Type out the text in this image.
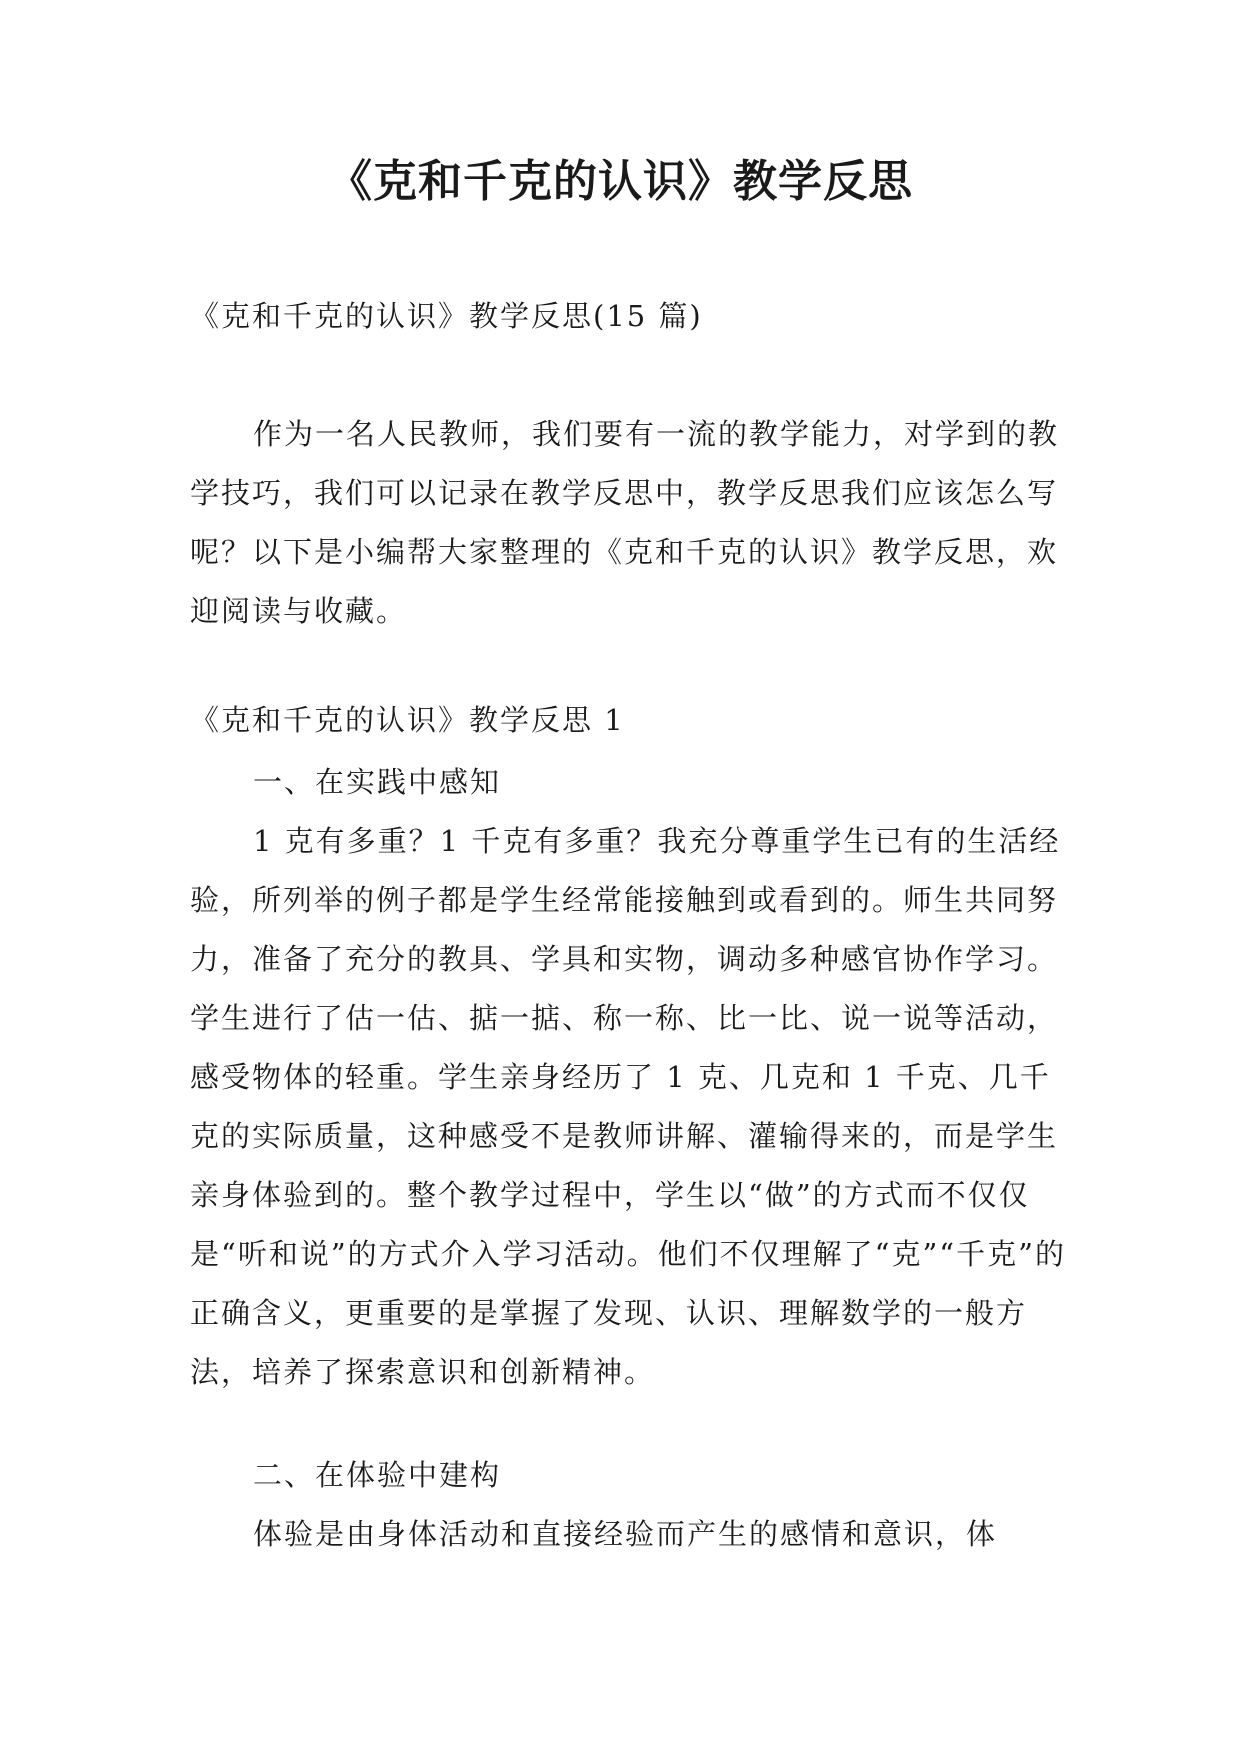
《克和千克的认识》教学反思
《克和千克的认识》教学反思(15 篇)
作为一名人民教师，我们要有一流的教学能力，对学到的教学技巧，我们可以记录在教学反思中，教学反思我们应该怎么写呢？以下是小编帮大家整理的《克和千克的认识》教学反思，欢迎阅读与收藏。
《克和千克的认识》教学反思 1
一、在实践中感知
1 克有多重？1 千克有多重？我充分尊重学生已有的生活经验，所列举的例子都是学生经常能接触到或看到的。师生共同努力，准备了充分的教具、学具和实物，调动多种感官协作学习。学生进行了估一估、掂一掂、称一称、比一比、说一说等活动，感受物体的轻重。学生亲身经历了 1 克、几克和 1 千克、几千克的实际质量，这种感受不是教师讲解、灌输得来的，而是学生亲身体验到的。整个教学过程中，学生以“做”的方式而不仅仅是“听和说”的方式介入学习活动。他们不仅理解了“克”“千克”的正确含义，更重要的是掌握了发现、认识、理解数学的一般方法，培养了探索意识和创新精神。
二、在体验中建构
体验是由身体活动和直接经验而产生的感情和意识，体
